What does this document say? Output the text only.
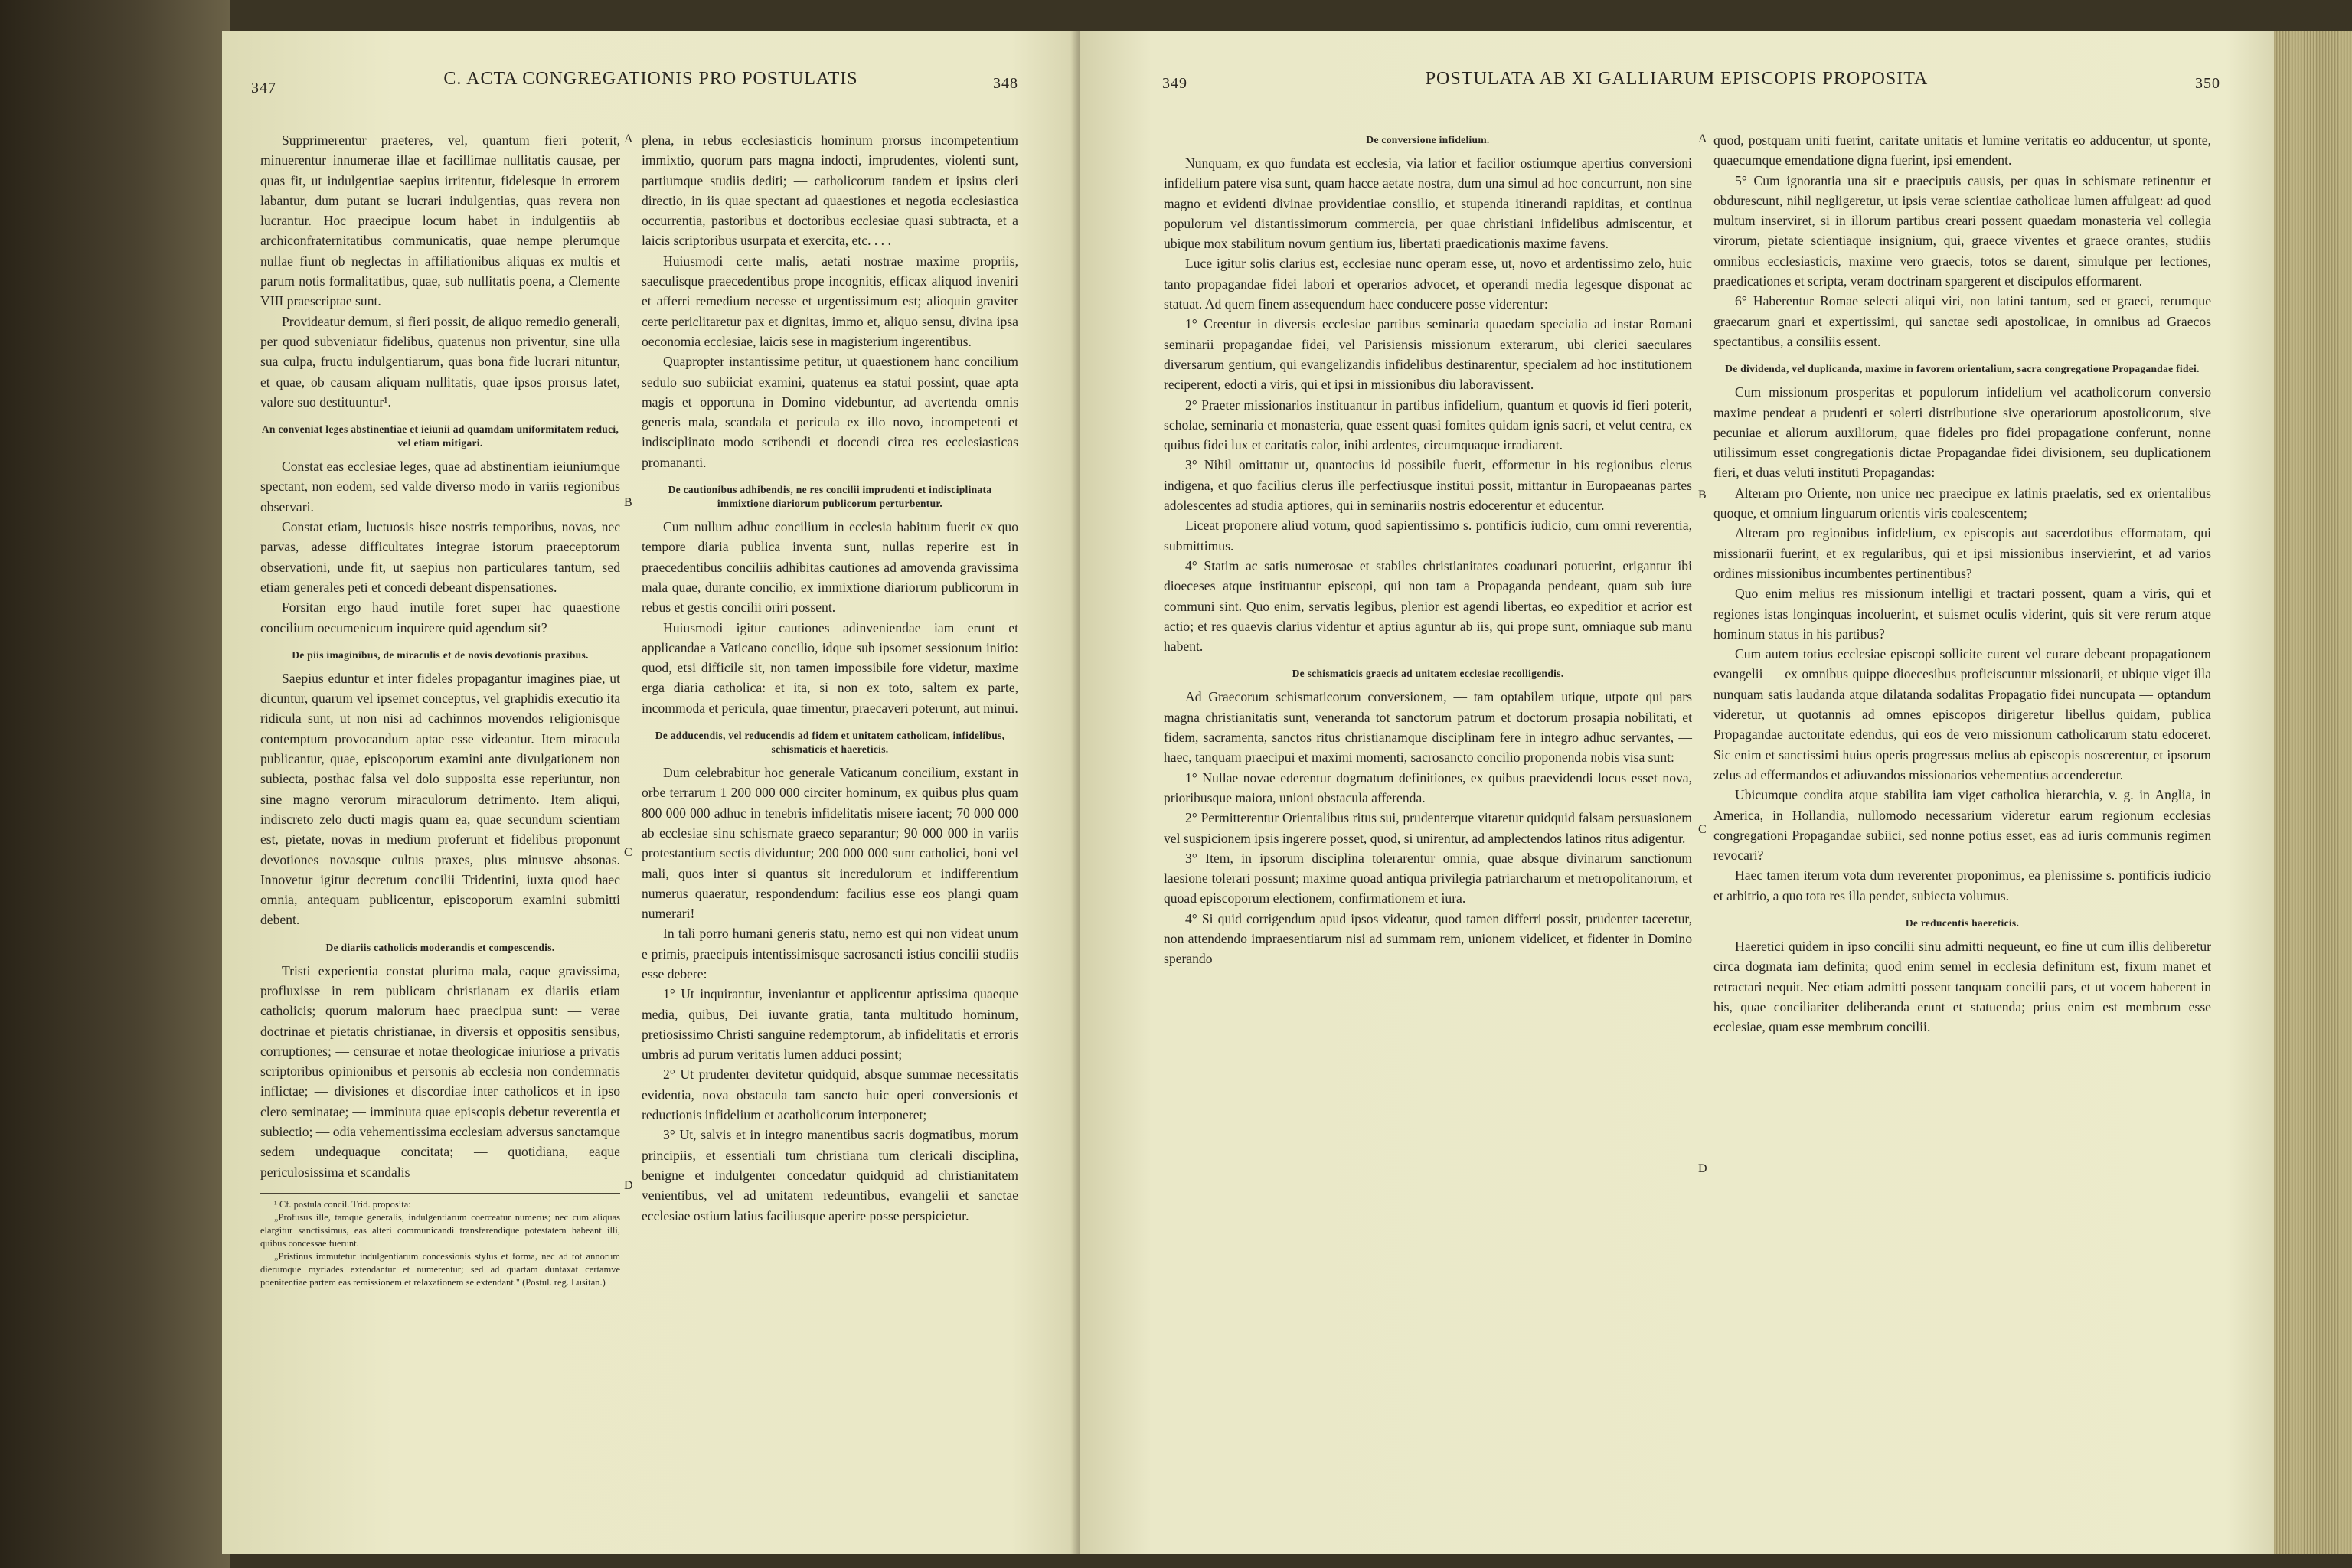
347	C. ACTA CONGREGATIONIS PRO POSTULATIS	348

Supprimerentur praeteres, vel, quantum fieri poterit, minuerentur innumerae illae et facillimae nullitatis causae, per quas fit, ut indulgentiae saepius irritentur, fidelesque in errorem labantur, dum putant se lucrari indulgentias, quas revera non lucrantur. Hoc praecipue locum habet in indulgentiis ab archiconfraternitatibus communicatis, quae nempe plerumque nullae fiunt ob neglectas in affiliationibus aliquas ex multis et parum notis formalitatibus, quae, sub nullitatis poena, a Clemente VIII praescriptae sunt.

Provideatur demum, si fieri possit, de aliquo remedio generali, per quod subveniatur fidelibus, quatenus non priventur, sine ulla sua culpa, fructu indulgentiarum, quas bona fide lucrari nituntur, et quae, ob causam aliquam nullitatis, quae ipsos prorsus latet, valore suo destituuntur¹.

An conveniat leges abstinentiae et ieiunii ad quamdam uniformitatem reduci, vel etiam mitigari.

Constat eas ecclesiae leges, quae ad abstinentiam ieiuniumque spectant, non eodem, sed valde diverso modo in variis regionibus observari.

Constat etiam, luctuosis hisce nostris temporibus, novas, nec parvas, adesse difficultates integrae istorum praeceptorum observationi, unde fit, ut saepius non particulares tantum, sed etiam generales peti et concedi debeant dispensationes.

Forsitan ergo haud inutile foret super hac quaestione concilium oecumenicum inquirere quid agendum sit?

De piis imaginibus, de miraculis et de novis devotionis praxibus.

Saepius eduntur et inter fideles propagantur imagines piae, ut dicuntur, quarum vel ipsemet conceptus, vel graphidis executio ita ridicula sunt, ut non nisi ad cachinnos movendos religionisque contemptum provocandum aptae esse videantur. Item miracula publicantur, quae, episcoporum examini ante divulgationem non subiecta, posthac falsa vel dolo supposita esse reperiuntur, non sine magno verorum miraculorum detrimento. Item aliqui, indiscreto zelo ducti magis quam ea, quae secundum scientiam est, pietate, novas in medium proferunt et fidelibus proponunt devotiones novasque cultus praxes, plus minusve absonas. Innovetur igitur decretum concilii Tridentini, iuxta quod haec omnia, antequam publicentur, episcoporum examini submitti debent.

De diariis catholicis moderandis et compescendis.

Tristi experientia constat plurima mala, eaque gravissima, profluxisse in rem publicam christianam ex diariis etiam catholicis; quorum malorum haec praecipua sunt: — verae doctrinae et pietatis christianae, in diversis et oppositis sensibus, corruptiones; — censurae et notae theologicae iniuriose a privatis scriptoribus opinionibus et personis ab ecclesia non condemnatis inflictae; — divisiones et discordiae inter catholicos et in ipso clero seminatae; — imminuta quae episcopis debetur reverentia et subiectio; — odia vehementissima ecclesiam adversus sanctamque sedem undequaque concitata; — quotidiana, eaque periculosissima et scandalis

¹ Cf. postula concil. Trid. proposita:

„Profusus ille, tamque generalis, indulgentiarum coerceatur numerus; nec cum aliquas elargitur sanctissimus, eas alteri communicandi transferendique potestatem habeant illi, quibus concessae fuerunt.

„Pristinus immutetur indulgentiarum concessionis stylus et forma, nec ad tot annorum dierumque myriades extendantur et numerentur; sed ad quartam duntaxat certamve poenitentiae partem eas remissionem et relaxationem se extendant." (Postul. reg. Lusitan.)

A
B
C
D

plena, in rebus ecclesiasticis hominum prorsus incompetentium immixtio, quorum pars magna indocti, imprudentes, violenti sunt, partiumque studiis dediti; — catholicorum tandem et ipsius cleri directio, in iis quae spectant ad quaestiones et negotia ecclesiastica occurrentia, pastoribus et doctoribus ecclesiae quasi subtracta, et a laicis scriptoribus usurpata et exercita, etc. . . .

Huiusmodi certe malis, aetati nostrae maxime propriis, saeculisque praecedentibus prope incognitis, efficax aliquod inveniri et afferri remedium necesse et urgentissimum est; alioquin graviter certe periclitaretur pax et dignitas, immo et, aliquo sensu, divina ipsa oeconomia ecclesiae, laicis sese in magisterium ingerentibus.

Quapropter instantissime petitur, ut quaestionem hanc concilium sedulo suo subiiciat examini, quatenus ea statui possint, quae apta magis et opportuna in Domino videbuntur, ad avertenda omnis generis mala, scandala et pericula ex illo novo, incompetenti et indisciplinato modo scribendi et docendi circa res ecclesiasticas promananti.

De cautionibus adhibendis, ne res concilii imprudenti et indisciplinata immixtione diariorum publicorum perturbentur.

Cum nullum adhuc concilium in ecclesia habitum fuerit ex quo tempore diaria publica inventa sunt, nullas reperire est in praecedentibus conciliis adhibitas cautiones ad amovenda gravissima mala quae, durante concilio, ex immixtione diariorum publicorum in rebus et gestis concilii oriri possent.

Huiusmodi igitur cautiones adinveniendae iam erunt et applicandae a Vaticano concilio, idque sub ipsomet sessionum initio: quod, etsi difficile sit, non tamen impossibile fore videtur, maxime erga diaria catholica: et ita, si non ex toto, saltem ex parte, incommoda et pericula, quae timentur, praecaveri poterunt, aut minui.

De adducendis, vel reducendis ad fidem et unitatem catholicam, infidelibus, schismaticis et haereticis.

Dum celebrabitur hoc generale Vaticanum concilium, exstant in orbe terrarum 1 200 000 000 circiter hominum, ex quibus plus quam 800 000 000 adhuc in tenebris infidelitatis misere iacent; 70 000 000 ab ecclesiae sinu schismate graeco separantur; 90 000 000 in variis protestantium sectis dividuntur; 200 000 000 sunt catholici, boni vel mali, quos inter si quantus sit incredulorum et indifferentium numerus quaeratur, respondendum: facilius esse eos plangi quam numerari!

In tali porro humani generis statu, nemo est qui non videat unum e primis, praecipuis intentissimisque sacrosancti istius concilii studiis esse debere:

1° Ut inquirantur, inveniantur et applicentur aptissima quaeque media, quibus, Dei iuvante gratia, tanta multitudo hominum, pretiosissimo Christi sanguine redemptorum, ab infidelitatis et erroris umbris ad purum veritatis lumen adduci possint;

2° Ut prudenter devitetur quidquid, absque summae necessitatis evidentia, nova obstacula tam sancto huic operi conversionis et reductionis infidelium et acatholicorum interponeret;

3° Ut, salvis et in integro manentibus sacris dogmatibus, morum principiis, et essentiali tum christiana tum clericali disciplina, benigne et indulgenter concedatur quidquid ad christianitatem venientibus, vel ad unitatem redeuntibus, evangelii et sanctae ecclesiae ostium latius faciliusque aperire posse perspicietur.

349	POSTULATA AB XI GALLIARUM EPISCOPIS PROPOSITA	350
De conversione infidelium.

Nunquam, ex quo fundata est ecclesia, via latior et facilior ostiumque apertius conversioni infidelium patere visa sunt, quam hacce aetate nostra, dum una simul ad hoc concurrunt, non sine magno et evidenti divinae providentiae consilio, et stupenda itinerandi rapiditas, et continua populorum vel distantissimorum commercia, per quae christiani infidelibus admiscentur, et ubique mox stabilitum novum gentium ius, libertati praedicationis maxime favens.

Luce igitur solis clarius est, ecclesiae nunc operam esse, ut, novo et ardentissimo zelo, huic tanto propagandae fidei labori et operarios advocet, et operandi media legesque disponat ac statuat. Ad quem finem assequendum haec conducere posse viderentur:

1° Creentur in diversis ecclesiae partibus seminaria quaedam specialia ad instar Romani seminarii propagandae fidei, vel Parisiensis missionum exterarum, ubi clerici saeculares diversarum gentium, qui evangelizandis infidelibus destinarentur, specialem ad hoc institutionem reciperent, edocti a viris, qui et ipsi in missionibus diu laboravissent.

2° Praeter missionarios instituantur in partibus infidelium, quantum et quovis id fieri poterit, scholae, seminaria et monasteria, quae essent quasi fomites quidam ignis sacri, et velut centra, ex quibus fidei lux et caritatis calor, inibi ardentes, circumquaque irradiarent.

3° Nihil omittatur ut, quantocius id possibile fuerit, efformetur in his regionibus clerus indigena, et quo facilius clerus ille perfectiusque institui possit, mittantur in Europaeanas partes adolescentes ad studia aptiores, qui in seminariis nostris edocerentur et educentur.

Liceat proponere aliud votum, quod sapientissimo s. pontificis iudicio, cum omni reverentia, submittimus.

4° Statim ac satis numerosae et stabiles christianitates coadunari potuerint, erigantur ibi dioeceses atque instituantur episcopi, qui non tam a Propaganda pendeant, quam sub iure communi sint. Quo enim, servatis legibus, plenior est agendi libertas, eo expeditior et acrior est actio; et res quaevis clarius videntur et aptius aguntur ab iis, qui prope sunt, omniaque sub manu habent.

De schismaticis graecis ad unitatem ecclesiae recolligendis.

Ad Graecorum schismaticorum conversionem, — tam optabilem utique, utpote qui pars magna christianitatis sunt, veneranda tot sanctorum patrum et doctorum prosapia nobilitati, et fidem, sacramenta, sanctos ritus christianamque disciplinam fere in integro adhuc servantes, — haec, tanquam praecipui et maximi momenti, sacrosancto concilio proponenda nobis visa sunt:

1° Nullae novae ederentur dogmatum definitiones, ex quibus praevidendi locus esset nova, prioribusque maiora, unioni obstacula afferenda.

2° Permitterentur Orientalibus ritus sui, prudenterque vitaretur quidquid falsam persuasionem vel suspicionem ipsis ingerere posset, quod, si unirentur, ad amplectendos latinos ritus adigentur.

3° Item, in ipsorum disciplina tolerarentur omnia, quae absque divinarum sanctionum laesione tolerari possunt; maxime quoad antiqua privilegia patriarcharum et metropolitanorum, et quoad episcoporum electionem, confirmationem et iura.

4° Si quid corrigendum apud ipsos videatur, quod tamen differri possit, prudenter taceretur, non attendendo impraesentiarum nisi ad summam rem, unionem videlicet, et fidenter in Domino sperando

A
B
C
D

quod, postquam uniti fuerint, caritate unitatis et lumine veritatis eo adducentur, ut sponte, quaecumque emendatione digna fuerint, ipsi emendent.

5° Cum ignorantia una sit e praecipuis causis, per quas in schismate retinentur et obdurescunt, nihil negligeretur, ut ipsis verae scientiae catholicae lumen affulgeat: ad quod multum inserviret, si in illorum partibus creari possent quaedam monasteria vel collegia virorum, pietate scientiaque insignium, qui, graece viventes et graece orantes, studiis omnibus ecclesiasticis, maxime vero graecis, totos se darent, simulque per lectiones, praedicationes et scripta, veram doctrinam spargerent et discipulos efformarent.

6° Haberentur Romae selecti aliqui viri, non latini tantum, sed et graeci, rerumque graecarum gnari et expertissimi, qui sanctae sedi apostolicae, in omnibus ad Graecos spectantibus, a consiliis essent.

De dividenda, vel duplicanda, maxime in favorem orientalium, sacra congregatione Propagandae fidei.

Cum missionum prosperitas et populorum infidelium vel acatholicorum conversio maxime pendeat a prudenti et solerti distributione sive operariorum apostolicorum, sive pecuniae et aliorum auxiliorum, quae fideles pro fidei propagatione conferunt, nonne utilissimum esset congregationis dictae Propagandae fidei divisionem, seu duplicationem fieri, et duas veluti instituti Propagandas:

Alteram pro Oriente, non unice nec praecipue ex latinis praelatis, sed ex orientalibus quoque, et omnium linguarum orientis viris coalescentem;

Alteram pro regionibus infidelium, ex episcopis aut sacerdotibus efformatam, qui missionarii fuerint, et ex regularibus, qui et ipsi missionibus inservierint, et ad varios ordines missionibus incumbentes pertinentibus?

Quo enim melius res missionum intelligi et tractari possent, quam a viris, qui et regiones istas longinquas incoluerint, et suismet oculis viderint, quis sit vere rerum atque hominum status in his partibus?

Cum autem totius ecclesiae episcopi sollicite curent vel curare debeant propagationem evangelii — ex omnibus quippe dioecesibus proficiscuntur missionarii, et ubique viget illa nunquam satis laudanda atque dilatanda sodalitas Propagatio fidei nuncupata — optandum videretur, ut quotannis ad omnes episcopos dirigeretur libellus quidam, publica Propagandae auctoritate edendus, qui eos de vero missionum catholicarum statu edoceret. Sic enim et sanctissimi huius operis progressus melius ab episcopis noscerentur, et ipsorum zelus ad effermandos et adiuvandos missionarios vehementius accenderetur.

Ubicumque condita atque stabilita iam viget catholica hierarchia, v. g. in Anglia, in America, in Hollandia, nullomodo necessarium videretur earum regionum ecclesias congregationi Propagandae subiici, sed nonne potius esset, eas ad iuris communis regimen revocari?

Haec tamen iterum vota dum reverenter proponimus, ea plenissime s. pontificis iudicio et arbitrio, a quo tota res illa pendet, subiecta volumus.

De reducentis haereticis.

Haeretici quidem in ipso concilii sinu admitti nequeunt, eo fine ut cum illis deliberetur circa dogmata iam definita; quod enim semel in ecclesia definitum est, fixum manet et retractari nequit. Nec etiam admitti possent tanquam concilii pars, et ut vocem haberent in his, quae conciliariter deliberanda erunt et statuenda; prius enim est membrum esse ecclesiae, quam esse membrum concilii.
